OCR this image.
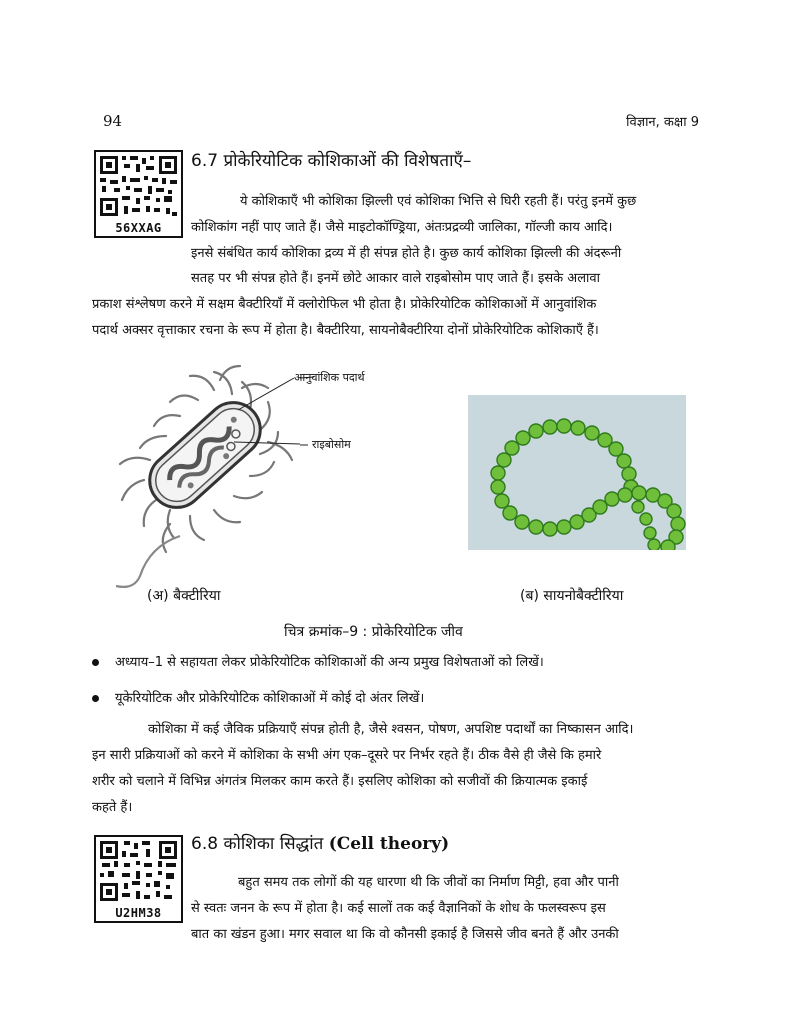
94	विज्ञान, कक्षा 9
56XXAG
6.7 प्रोकेरियोटिक कोशिकाओं की विशेषताएँ–
ये कोशिकाएँ भी कोशिका झिल्ली एवं कोशिका भित्ति से घिरी रहती हैं। परंतु इनमें कुछ
कोशिकांग नहीं पाए जाते हैं। जैसे माइटोकॉण्ड्रिया, अंतःप्रद्रव्यी जालिका, गॉल्जी काय आदि।
इनसे संबंधित कार्य कोशिका द्रव्य में ही संपन्न होते है। कुछ कार्य कोशिका झिल्ली की अंदरूनी
सतह पर भी संपन्न होते हैं। इनमें छोटे आकार वाले राइबोसोम पाए जाते हैं। इसके अलावा
प्रकाश संश्लेषण करने में सक्षम बैक्टीरियाँ में क्लोरोफिल भी होता है। प्रोकेरियोटिक कोशिकाओं में आनुवांशिक
पदार्थ अक्सर वृत्ताकार रचना के रूप में होता है। बैक्टीरिया, सायनोबैक्टीरिया दोनों प्रोकेरियोटिक कोशिकाएँ हैं।
आनुवांशिक पदार्थ
राइबोसोम
(अ) बैक्टीरिया	(ब) सायनोबैक्टीरिया
चित्र क्रमांक–9 : प्रोकेरियोटिक जीव
अध्याय–1 से सहायता लेकर प्रोकेरियोटिक कोशिकाओं की अन्य प्रमुख विशेषताओं को लिखें।
यूकेरियोटिक और प्रोकेरियोटिक कोशिकाओं में कोई दो अंतर लिखें।
कोशिका में कई जैविक प्रक्रियाएँ संपन्न होती है, जैसे श्वसन, पोषण, अपशिष्ट पदार्थों का निष्कासन आदि।
इन सारी प्रक्रियाओं को करने में कोशिका के सभी अंग एक–दूसरे पर निर्भर रहते हैं। ठीक वैसे ही जैसे कि हमारे
शरीर को चलाने में विभिन्न अंगतंत्र मिलकर काम करते हैं। इसलिए कोशिका को सजीवों की क्रियात्मक इकाई
कहते हैं।
U2HM38
6.8 कोशिका सिद्धांत (Cell theory)
बहुत समय तक लोगों की यह धारणा थी कि जीवों का निर्माण मिट्टी, हवा और पानी
से स्वतः जनन के रूप में होता है। कई सालों तक कई वैज्ञानिकों के शोध के फलस्वरूप इस
बात का खंडन हुआ। मगर सवाल था कि वो कौनसी इकाई है जिससे जीव बनते हैं और उनकी
